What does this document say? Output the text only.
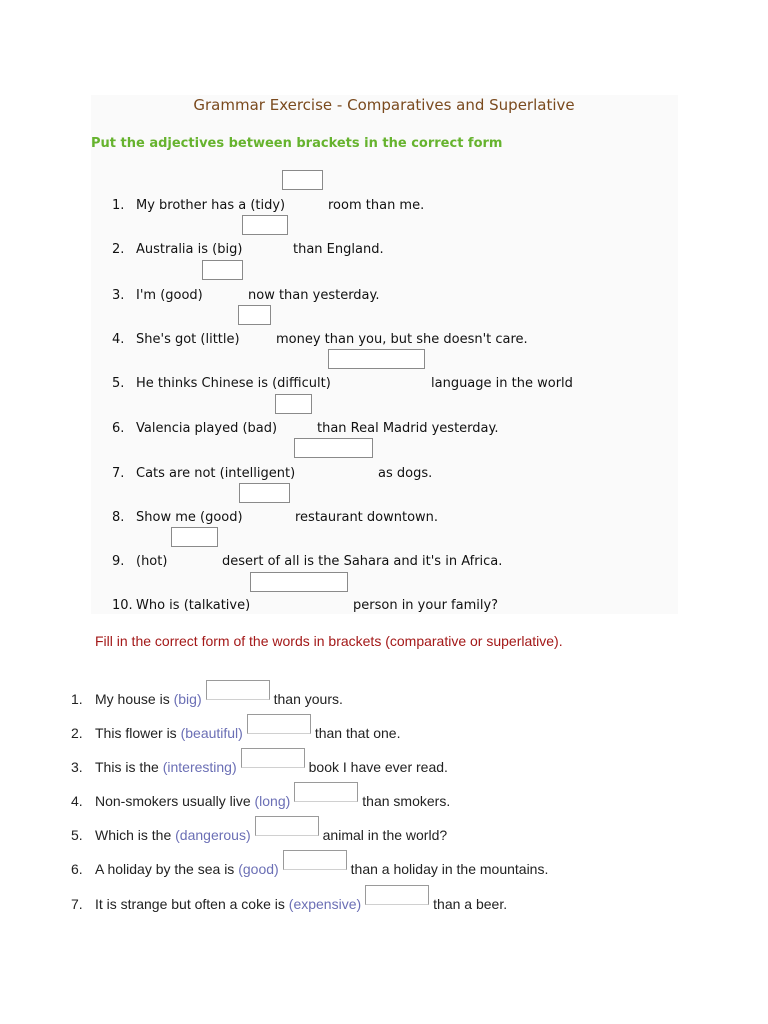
Grammar Exercise - Comparatives and Superlative
Put the adjectives between brackets in the correct form
1. My brother has a (tidy)	room than me.
2. Australia is (big)	than England.
3. I'm (good)	now than yesterday.
4. She's got (little)	money than you, but she doesn't care.
5. He thinks Chinese is (difficult)	language in the world
6. Valencia played (bad)	than Real Madrid yesterday.
7. Cats are not (intelligent)	as dogs.
8. Show me (good)	restaurant downtown.
9. (hot)	desert of all is the Sahara and it's in Africa.
10. Who is (talkative)	person in your family?
Fill in the correct form of the words in brackets (comparative or superlative).
1. My house is (big)	than yours.
2. This flower is (beautiful)	than that one.
3. This is the (interesting)	book I have ever read.
4. Non-smokers usually live (long)	than smokers.
5. Which is the (dangerous)	animal in the world?
6. A holiday by the sea is (good)	than a holiday in the mountains.
7. It is strange but often a coke is (expensive)	than a beer.
